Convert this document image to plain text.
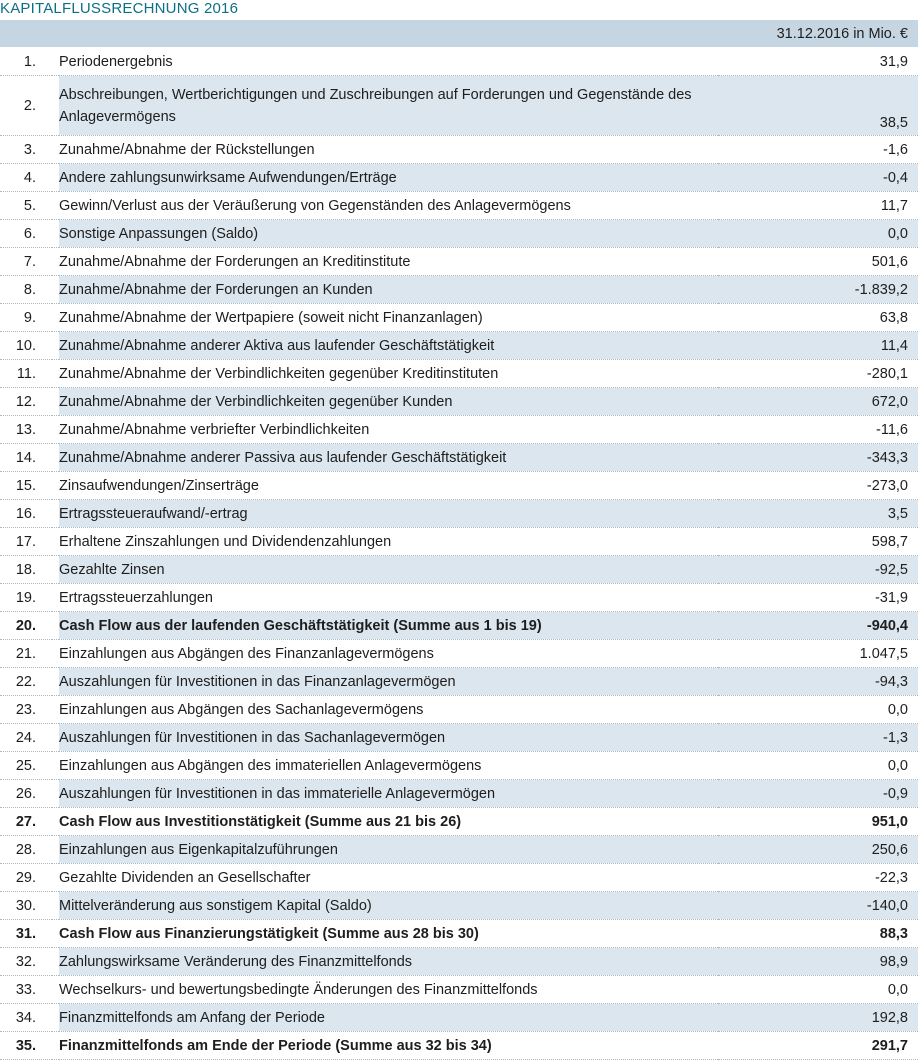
KAPITALFLUSSRECHNUNG 2016
			31.12.2016 in Mio. €
1.		Periodenergebnis	31,9
2.		Abschreibungen, Wertberichtigungen und Zuschreibungen auf Forderungen und Gegenstände des Anlagevermögens	38,5
3.		Zunahme/Abnahme der Rückstellungen	-1,6
4.		Andere zahlungsunwirksame Aufwendungen/Erträge	-0,4
5.		Gewinn/Verlust aus der Veräußerung von Gegenständen des Anlagevermögens	11,7
6.		Sonstige Anpassungen (Saldo)	0,0
7.		Zunahme/Abnahme der Forderungen an Kreditinstitute	501,6
8.		Zunahme/Abnahme der Forderungen an Kunden	-1.839,2
9.		Zunahme/Abnahme der Wertpapiere (soweit nicht Finanzanlagen)	63,8
10.		Zunahme/Abnahme anderer Aktiva aus laufender Geschäftstätigkeit	11,4
11.		Zunahme/Abnahme der Verbindlichkeiten gegenüber Kreditinstituten	-280,1
12.		Zunahme/Abnahme der Verbindlichkeiten gegenüber Kunden	672,0
13.		Zunahme/Abnahme verbriefter Verbindlichkeiten	-11,6
14.		Zunahme/Abnahme anderer Passiva aus laufender Geschäftstätigkeit	-343,3
15.		Zinsaufwendungen/Zinserträge	-273,0
16.		Ertragssteueraufwand/-ertrag	3,5
17.		Erhaltene Zinszahlungen und Dividendenzahlungen	598,7
18.		Gezahlte Zinsen	-92,5
19.		Ertragssteuerzahlungen	-31,9
20.		Cash Flow aus der laufenden Geschäftstätigkeit (Summe aus 1 bis 19)	-940,4
21.		Einzahlungen aus Abgängen des Finanzanlagevermögens	1.047,5
22.		Auszahlungen für Investitionen in das Finanzanlagevermögen	-94,3
23.		Einzahlungen aus Abgängen des Sachanlagevermögens	0,0
24.		Auszahlungen für Investitionen in das Sachanlagevermögen	-1,3
25.		Einzahlungen aus Abgängen des immateriellen Anlagevermögens	0,0
26.		Auszahlungen für Investitionen in das immaterielle Anlagevermögen	-0,9
27.		Cash Flow aus Investitionstätigkeit (Summe aus 21 bis 26)	951,0
28.		Einzahlungen aus Eigenkapitalzuführungen	250,6
29.		Gezahlte Dividenden an Gesellschafter	-22,3
30.		Mittelveränderung aus sonstigem Kapital (Saldo)	-140,0
31.		Cash Flow aus Finanzierungstätigkeit (Summe aus 28 bis 30)	88,3
32.		Zahlungswirksame Veränderung des Finanzmittelfonds	98,9
33.		Wechselkurs- und bewertungsbedingte Änderungen des Finanzmittelfonds	0,0
34.		Finanzmittelfonds am Anfang der Periode	192,8
35.		Finanzmittelfonds am Ende der Periode (Summe aus 32 bis 34)	291,7
